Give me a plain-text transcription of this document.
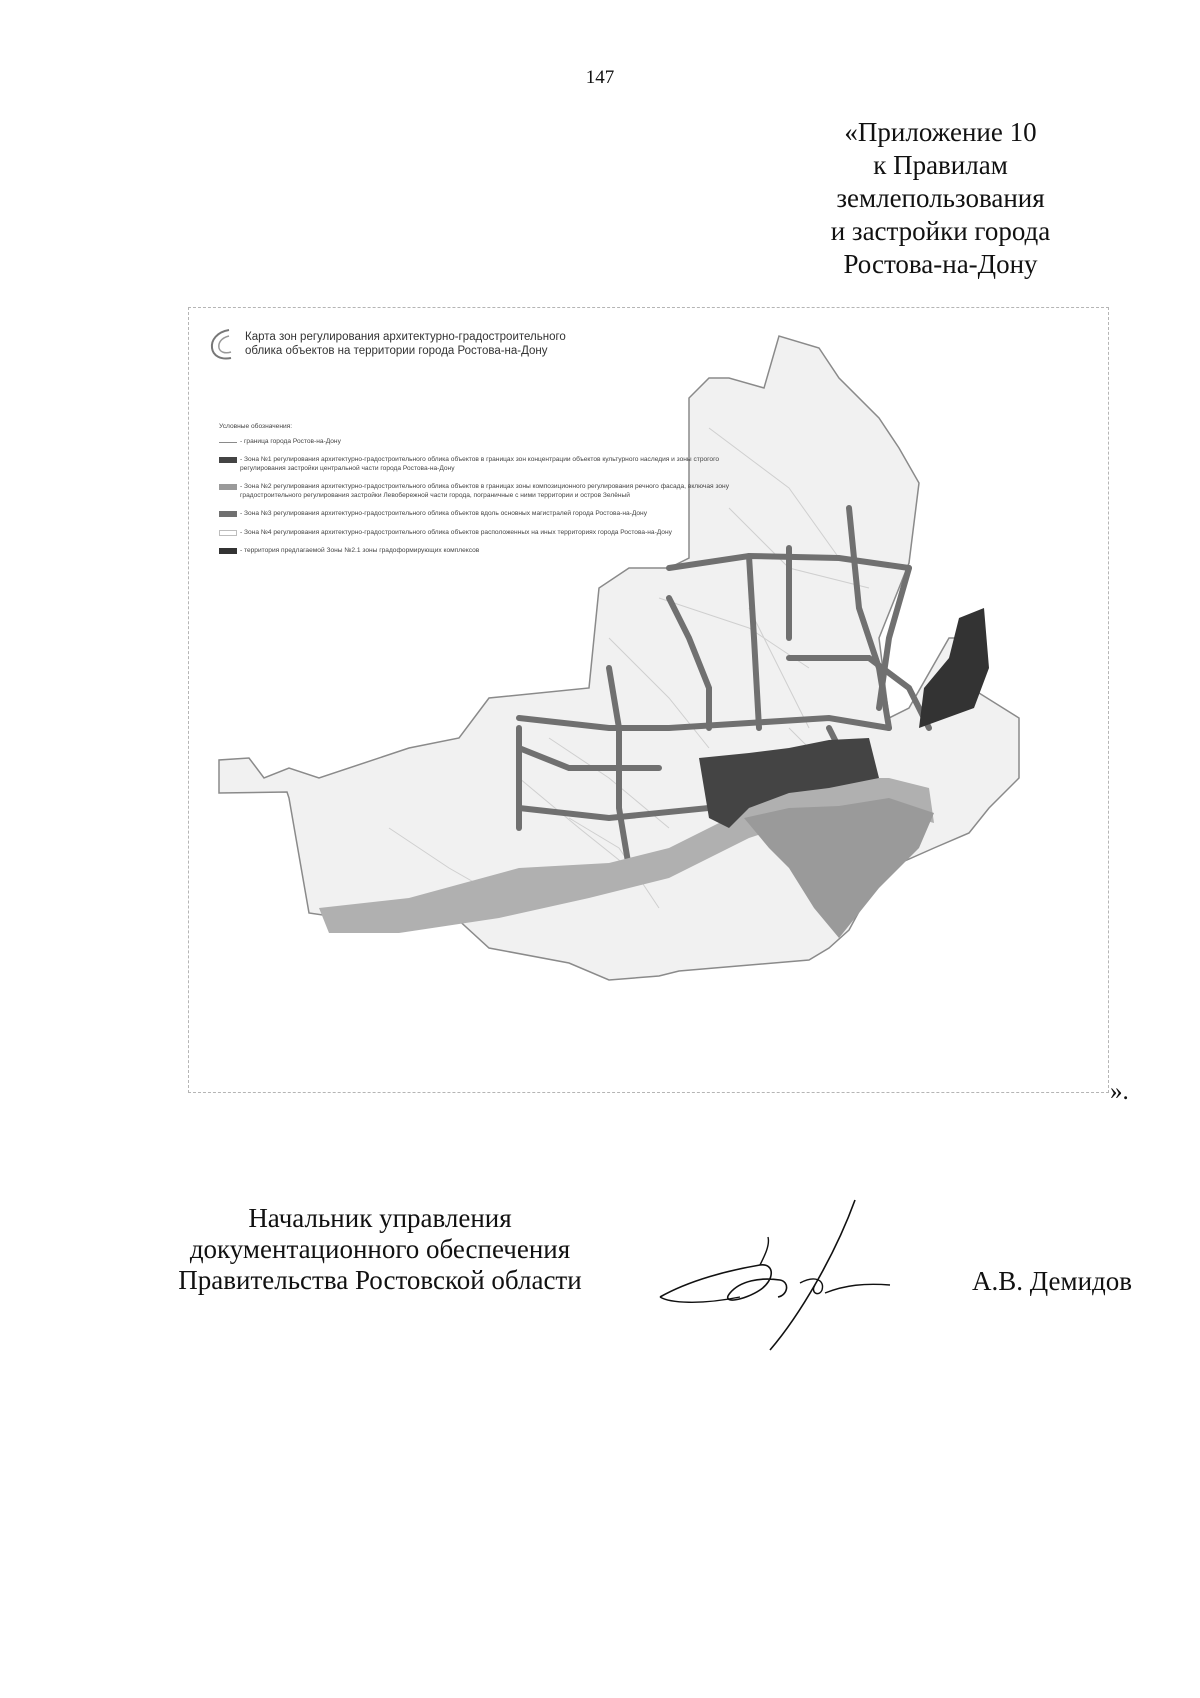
147
«Приложение 10
к Правилам
землепользования
и застройки города
Ростова-на-Дону
Карта зон регулирования архитектурно-градостроительного
облика объектов на территории города Ростова-на-Дону
Условные обозначения:
- граница города Ростов-на-Дону
- Зона №1 регулирования архитектурно-градостроительного облика объектов в границах зон концентрации объектов культурного наследия и зоны строгого регулирования застройки центральной части города Ростова-на-Дону
- Зона №2 регулирования архитектурно-градостроительного облика объектов в границах зоны композиционного регулирования речного фасада, включая зону градостроительного регулирования застройки Левобережной части города, пограничные с ними территории и остров Зелёный
- Зона №3 регулирования архитектурно-градостроительного облика объектов вдоль основных магистралей города Ростова-на-Дону
- Зона №4 регулирования архитектурно-градостроительного облика объектов расположенных на иных территориях города Ростова-на-Дону
- территория предлагаемой Зоны №2.1 зоны градоформирующих комплексов
».
Начальник управления
документационного обеспечения
Правительства Ростовской области	А.В. Демидов
